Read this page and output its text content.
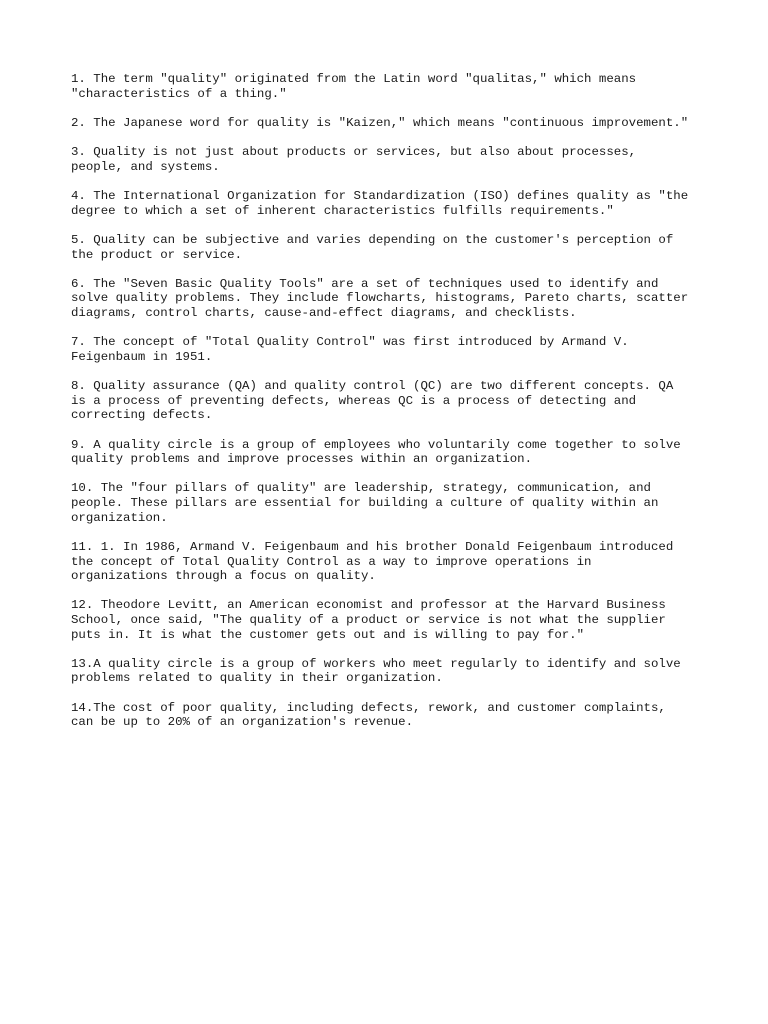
1. The term "quality" originated from the Latin word "qualitas," which means
"characteristics of a thing."

2. The Japanese word for quality is "Kaizen," which means "continuous improvement."

3. Quality is not just about products or services, but also about processes,
people, and systems.

4. The International Organization for Standardization (ISO) defines quality as "the
degree to which a set of inherent characteristics fulfills requirements."

5. Quality can be subjective and varies depending on the customer's perception of
the product or service.

6. The "Seven Basic Quality Tools" are a set of techniques used to identify and
solve quality problems. They include flowcharts, histograms, Pareto charts, scatter
diagrams, control charts, cause-and-effect diagrams, and checklists.

7. The concept of "Total Quality Control" was first introduced by Armand V.
Feigenbaum in 1951.

8. Quality assurance (QA) and quality control (QC) are two different concepts. QA
is a process of preventing defects, whereas QC is a process of detecting and
correcting defects.

9. A quality circle is a group of employees who voluntarily come together to solve
quality problems and improve processes within an organization.

10. The "four pillars of quality" are leadership, strategy, communication, and
people. These pillars are essential for building a culture of quality within an
organization.

11. 1. In 1986, Armand V. Feigenbaum and his brother Donald Feigenbaum introduced
the concept of Total Quality Control as a way to improve operations in
organizations through a focus on quality.

12. Theodore Levitt, an American economist and professor at the Harvard Business
School, once said, "The quality of a product or service is not what the supplier
puts in. It is what the customer gets out and is willing to pay for."

13.A quality circle is a group of workers who meet regularly to identify and solve
problems related to quality in their organization.

14.The cost of poor quality, including defects, rework, and customer complaints,
can be up to 20% of an organization's revenue.
